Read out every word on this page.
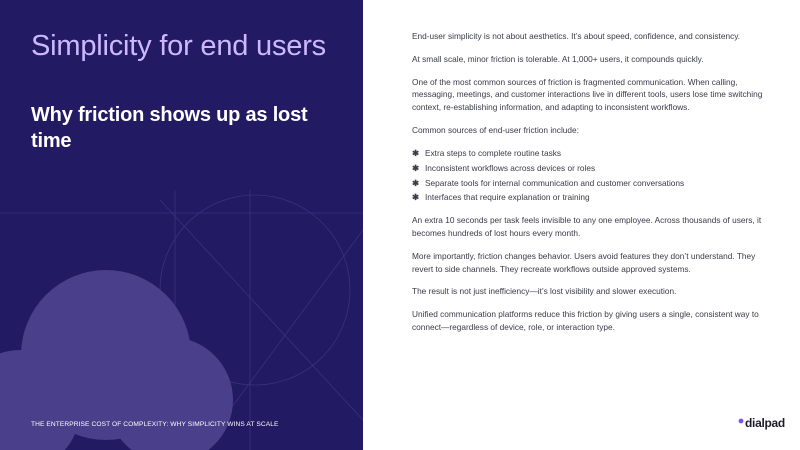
Simplicity for end users
Why friction shows up as lost time
THE ENTERPRISE COST OF COMPLEXITY: WHY SIMPLICITY WINS AT SCALE

End-user simplicity is not about aesthetics. It’s about speed, confidence, and consistency.

At small scale, minor friction is tolerable. At 1,000+ users, it compounds quickly.

One of the most common sources of friction is fragmented communication. When calling, messaging, meetings, and customer interactions live in different tools, users lose time switching context, re-establishing information, and adapting to inconsistent workflows.

Common sources of end-user friction include:

✱ Extra steps to complete routine tasks
✱ Inconsistent workflows across devices or roles
✱ Separate tools for internal communication and customer conversations
✱ Interfaces that require explanation or training

An extra 10 seconds per task feels invisible to any one employee. Across thousands of users, it becomes hundreds of lost hours every month.

More importantly, friction changes behavior. Users avoid features they don’t understand. They revert to side channels. They recreate workflows outside approved systems.

The result is not just inefficiency—it’s lost visibility and slower execution.

Unified communication platforms reduce this friction by giving users a single, consistent way to connect—regardless of device, role, or interaction type.

dialpad
